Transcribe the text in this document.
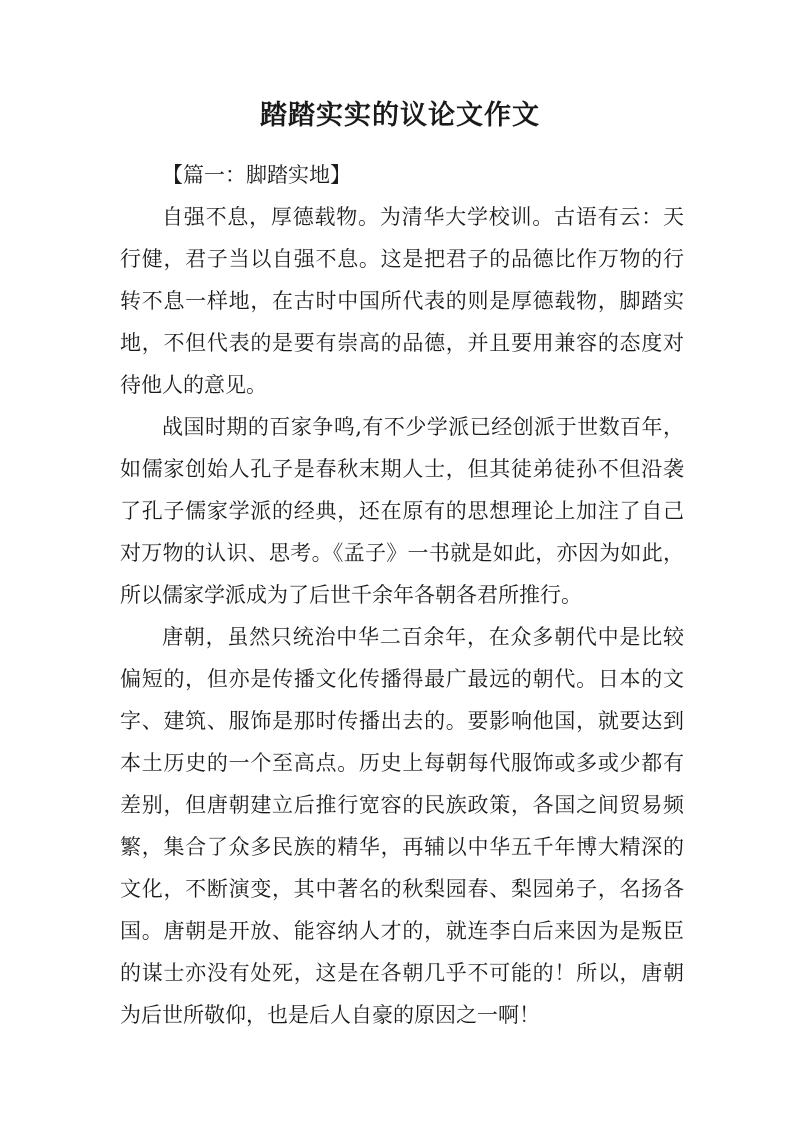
踏踏实实的议论文作文

【篇一：脚踏实地】

自强不息，厚德载物。为清华大学校训。古语有云：天行健，君子当以自强不息。这是把君子的品德比作万物的行转不息一样地，在古时中国所代表的则是厚德载物，脚踏实地，不但代表的是要有崇高的品德，并且要用兼容的态度对待他人的意见。

战国时期的百家争鸣,有不少学派已经创派于世数百年，如儒家创始人孔子是春秋末期人士，但其徒弟徒孙不但沿袭了孔子儒家学派的经典，还在原有的思想理论上加注了自己对万物的认识、思考。《孟子》一书就是如此，亦因为如此，所以儒家学派成为了后世千余年各朝各君所推行。

唐朝，虽然只统治中华二百余年，在众多朝代中是比较偏短的，但亦是传播文化传播得最广最远的朝代。日本的文字、建筑、服饰是那时传播出去的。要影响他国，就要达到本土历史的一个至高点。历史上每朝每代服饰或多或少都有差别，但唐朝建立后推行宽容的民族政策，各国之间贸易频繁，集合了众多民族的精华，再辅以中华五千年博大精深的文化，不断演变，其中著名的秋梨园春、梨园弟子，名扬各国。唐朝是开放、能容纳人才的，就连李白后来因为是叛臣的谋士亦没有处死，这是在各朝几乎不可能的！所以，唐朝为后世所敬仰，也是后人自豪的原因之一啊！
